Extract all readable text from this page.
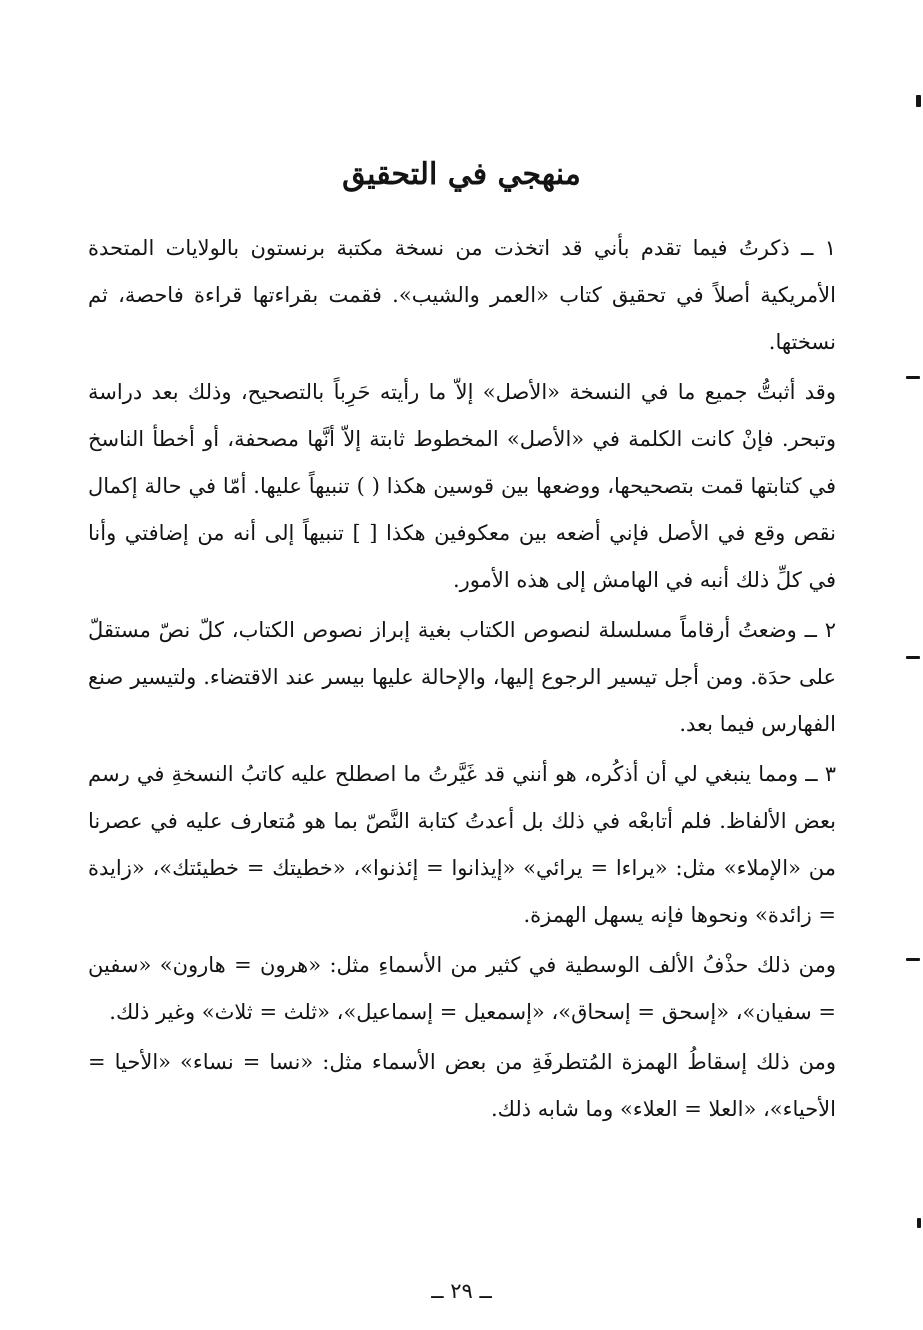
منهجي في التحقيق

١ ــ ذكرتُ فيما تقدم بأني قد اتخذت من نسخة مكتبة برنستون بالولايات المتحدة الأمريكية أصلاً في تحقيق كتاب «العمر والشيب». فقمت بقراءتها قراءة فاحصة، ثم نسختها.

وقد أثبتُّ جميع ما في النسخة «الأصل» إلاّ ما رأيته حَرِباً بالتصحيح، وذلك بعد دراسة وتبحر. فإنْ كانت الكلمة في «الأصل» المخطوط ثابتة إلاّ أنَّها مصحفة، أو أخطأ الناسخ في كتابتها قمت بتصحيحها، ووضعها بين قوسين هكذا ( ) تنبيهاً عليها. أمّا في حالة إكمال نقص وقع في الأصل فإني أضعه بين معكوفين هكذا [ ] تنبيهاً إلى أنه من إضافتي وأنا في كلِّ ذلك أنبه في الهامش إلى هذه الأمور.

٢ ــ وضعتُ أرقاماً مسلسلة لنصوص الكتاب بغية إبراز نصوص الكتاب، كلّ نصّ مستقلّ على حدَة. ومن أجل تيسير الرجوع إليها، والإحالة عليها بيسر عند الاقتضاء. ولتيسير صنع الفهارس فيما بعد.

٣ ــ ومما ينبغي لي أن أذكُره، هو أنني قد غَيَّرتُ ما اصطلح عليه كاتبُ النسخةِ في رسم بعض الألفاظ. فلم أتابعْه في ذلك بل أعدتُ كتابة النَّصّ بما هو مُتعارف عليه في عصرنا من «الإملاء» مثل: «يراءا = يرائي» «إيذانوا = إئذنوا»، «خطيتك = خطيئتك»، «زايدة = زائدة» ونحوها فإنه يسهل الهمزة.

ومن ذلك حذْفُ الألف الوسطية في كثير من الأسماءِ مثل: «هرون = هارون» «سفين = سفيان»، «إسحق = إسحاق»، «إسمعيل = إسماعيل»، «ثلث = ثلاث» وغير ذلك.

ومن ذلك إسقاطُ الهمزة المُتطرفَةِ من بعض الأسماء مثل: «نسا = نساء» «الأحيا = الأحياء»، «العلا = العلاء» وما شابه ذلك.

ــ ٢٩ ــ
